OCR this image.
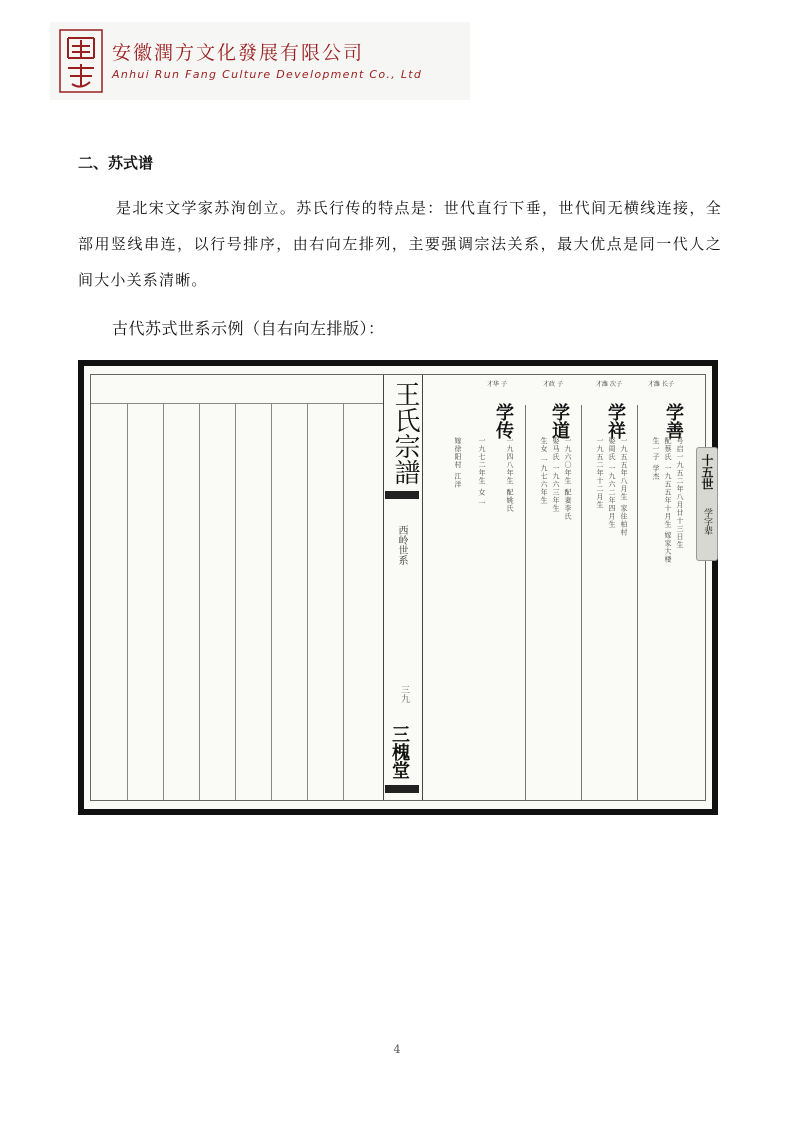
安徽潤方文化發展有限公司
Anhui Run Fang Culture Development Co., Ltd
二、苏式谱
是北宋文学家苏洵创立。苏氏行传的特点是：世代直行下垂，世代间无横线连接，全部用竖线串连，以行号排序，由右向左排列，主要强调宗法关系，最大优点是同一代人之间大小关系清晰。
古代苏式世系示例（自右向左排版）：
王氏宗譜
西岭世系
三九
三槐堂
才潍 长子
学善
号启一九五二年八月廿十三日生
配蔡氏 一九五五年十月生 嫁家大楼
生一子 学杰
才潍 次子
学祥
一九五五年八月生 家住柏村
娶周氏 一九六二年四月生
一九五二年十二月生
才政 子
学道
一九六〇年生 配妻李氏
娶马氏 一九六三年生
生女 一九七六年生
才华 子
学传
一九四八年生 配姚氏
一九七二年生 女 一
嫁徐阳村 江洋	十五世
学字辈
4
